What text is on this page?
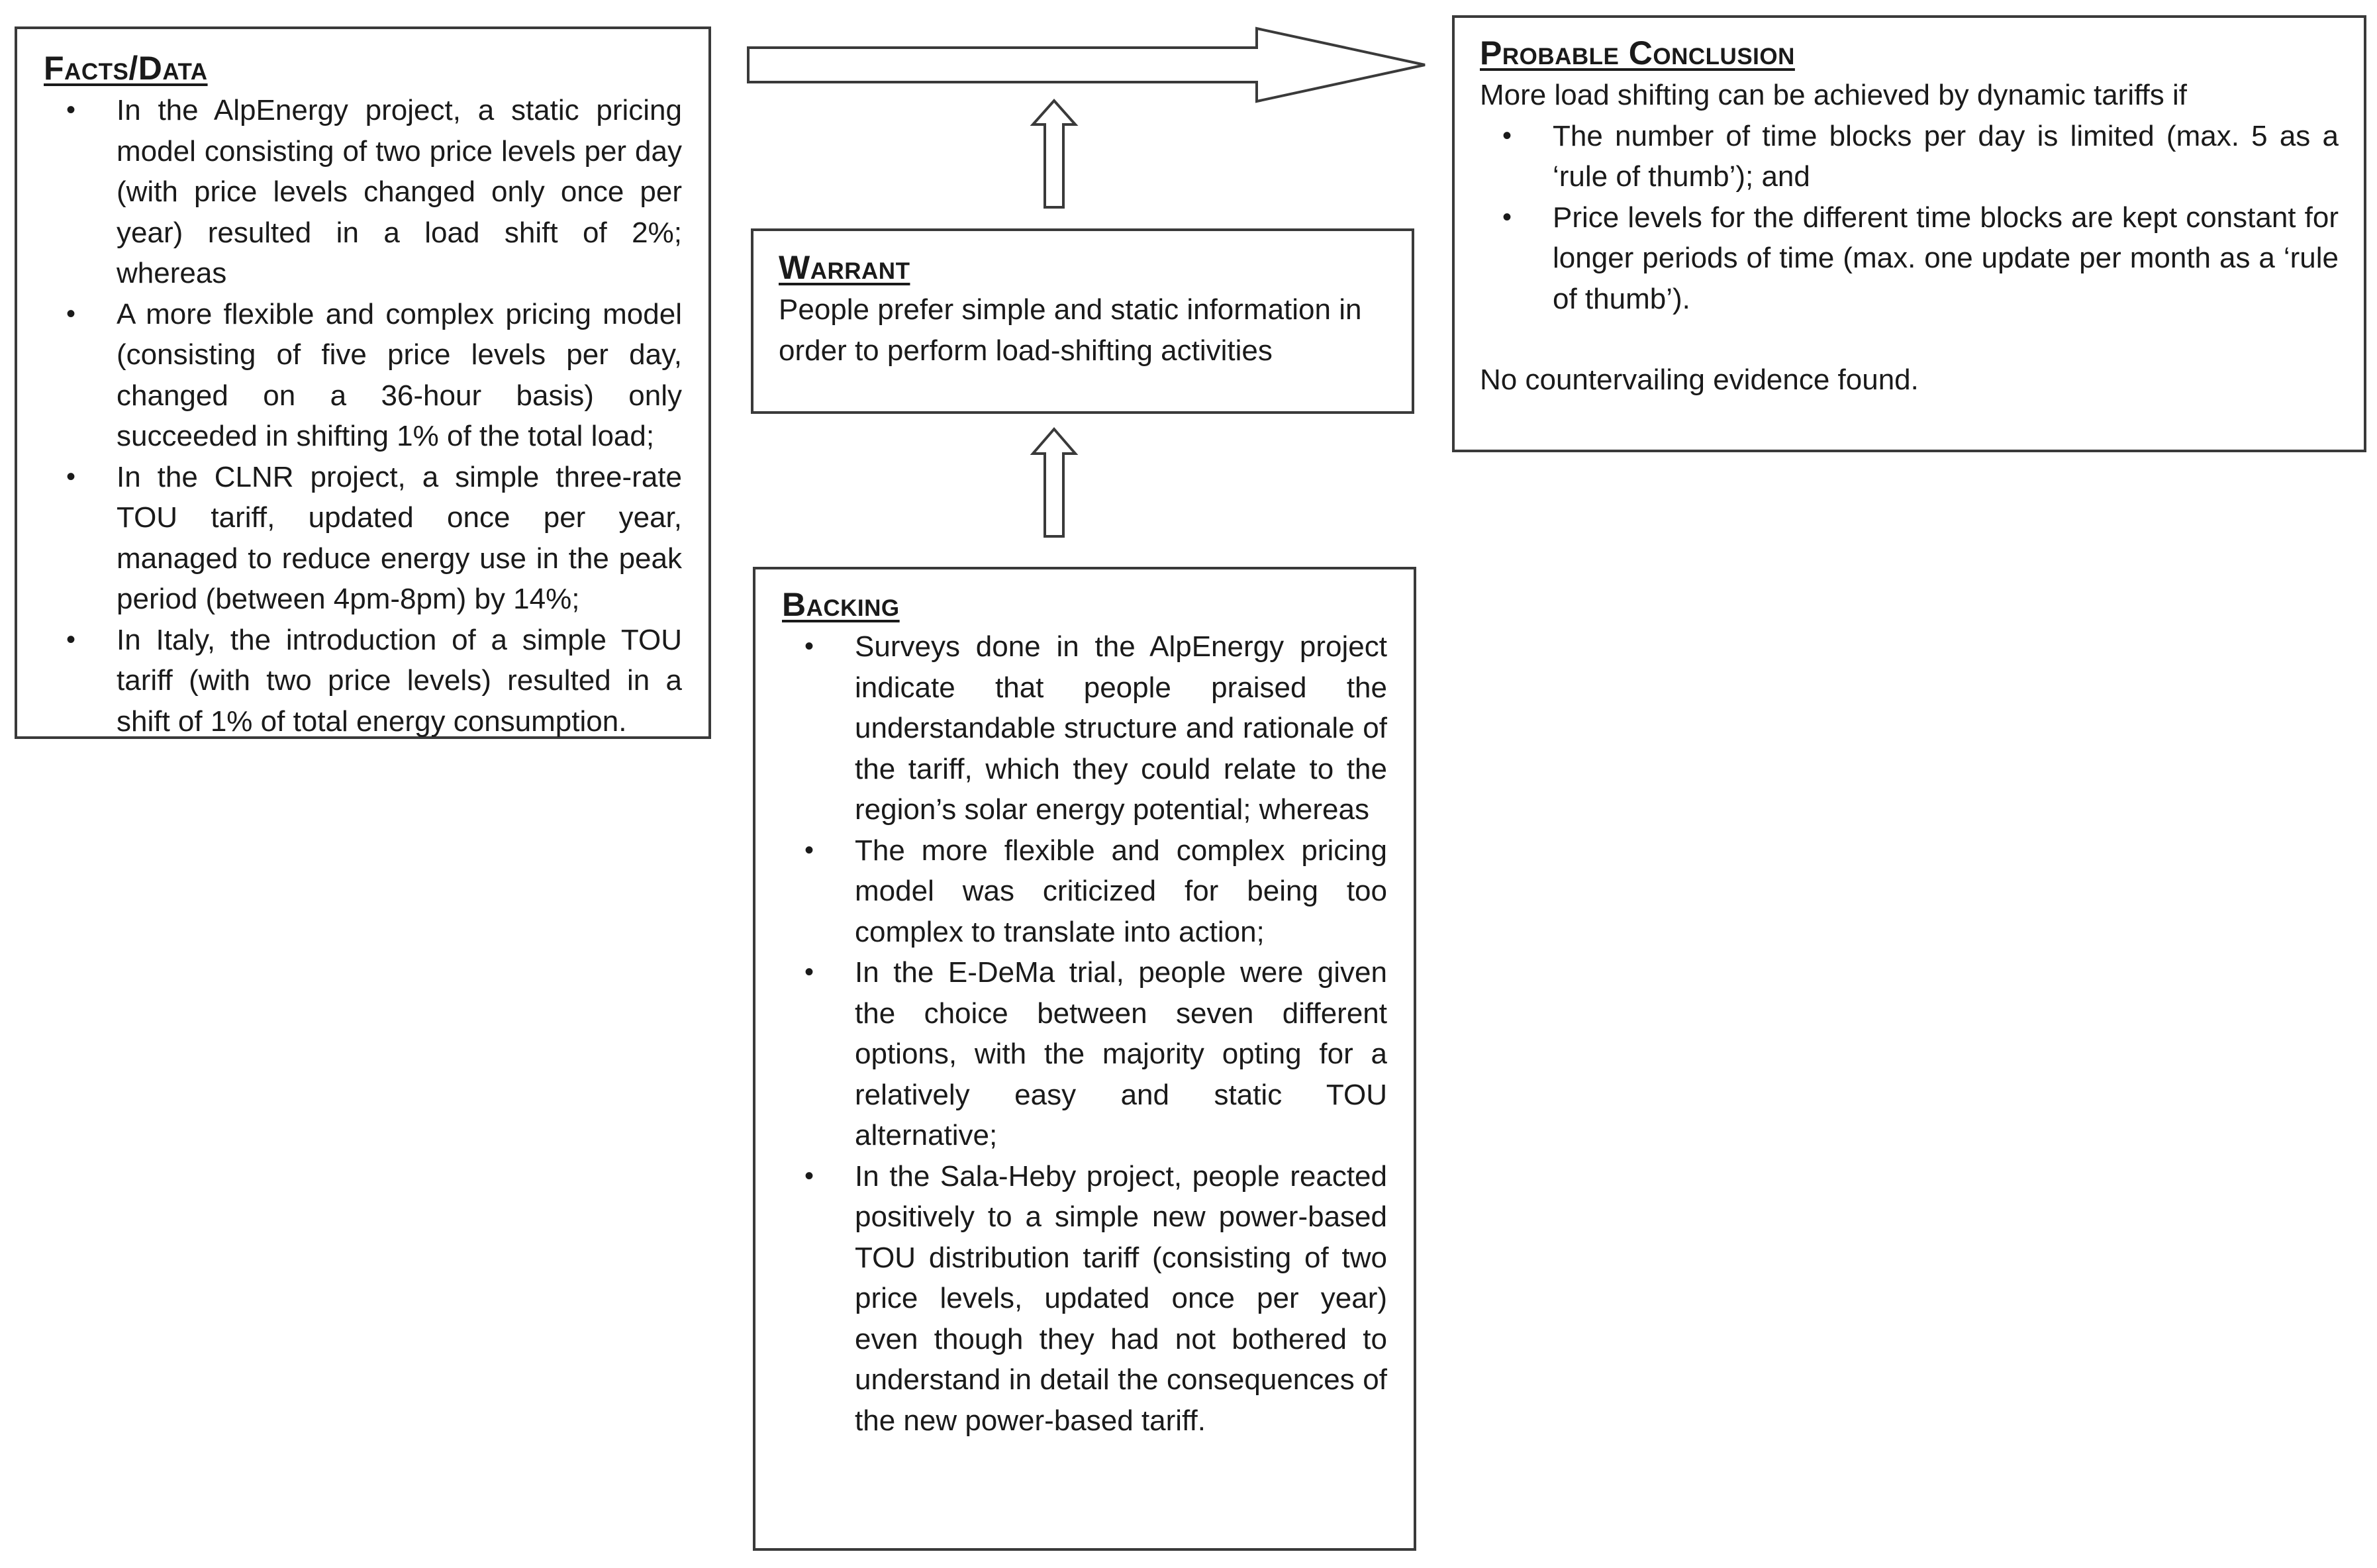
Facts/Data
• In the AlpEnergy project, a static pricing model consisting of two price levels per day (with price levels changed only once per year) resulted in a load shift of 2%; whereas
• A more flexible and complex pricing model (consisting of five price levels per day, changed on a 36-hour basis) only succeeded in shifting 1% of the total load;
• In the CLNR project, a simple three-rate TOU tariff, updated once per year, managed to reduce energy use in the peak period (between 4pm-8pm) by 14%;
• In Italy, the introduction of a simple TOU tariff (with two price levels) resulted in a shift of 1% of total energy consumption.
Warrant

People prefer simple and static information in order to perform load-shifting activities

Backing
• Surveys done in the AlpEnergy project indicate that people praised the understandable structure and rationale of the tariff, which they could relate to the region’s solar energy potential; whereas
• The more flexible and complex pricing model was criticized for being too complex to translate into action;
• In the E-DeMa trial, people were given the choice between seven different options, with the majority opting for a relatively easy and static TOU alternative;
• In the Sala-Heby project, people reacted positively to a simple new power-based TOU distribution tariff (consisting of two price levels, updated once per year) even though they had not bothered to understand in detail the consequences of the new power-based tariff.
Probable Conclusion

More load shifting can be achieved by dynamic tariffs if

• The number of time blocks per day is limited (max. 5 as a ‘rule of thumb’); and
• Price levels for the different time blocks are kept constant for longer periods of time (max. one update per month as a ‘rule of thumb’).

No countervailing evidence found.
